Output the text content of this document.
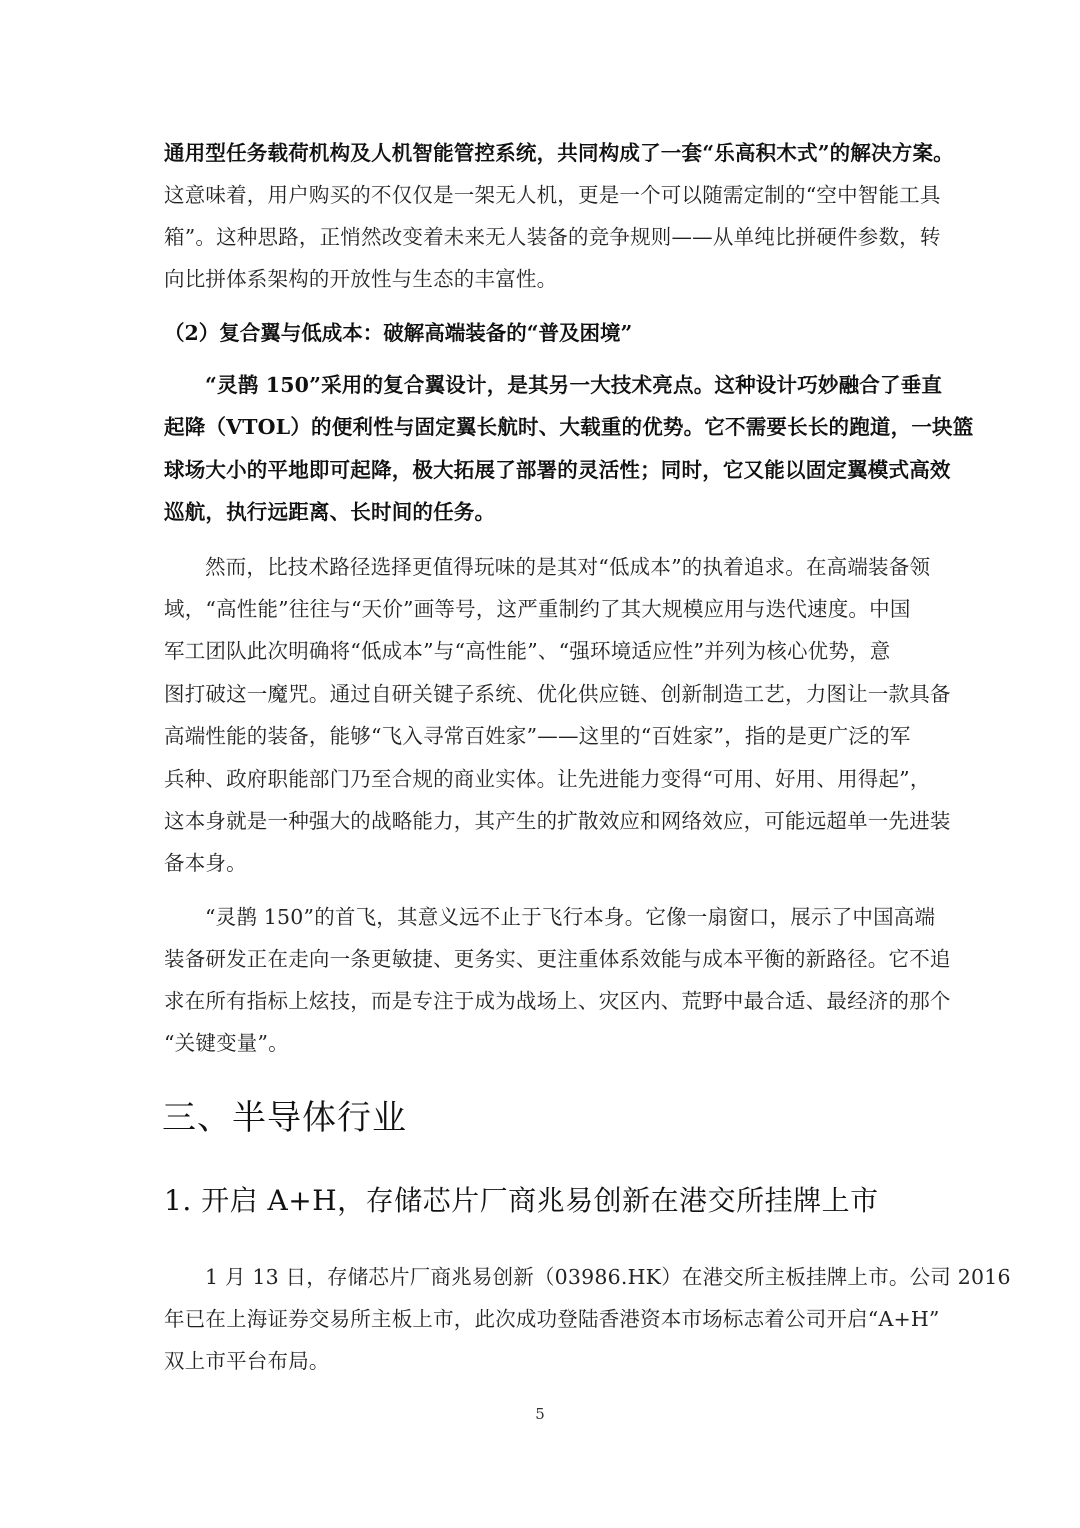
通用型任务载荷机构及人机智能管控系统，共同构成了一套“乐高积木式”的解决方案。
这意味着，用户购买的不仅仅是一架无人机，更是一个可以随需定制的“空中智能工具
箱”。这种思路，正悄然改变着未来无人装备的竞争规则——从单纯比拼硬件参数，转
向比拼体系架构的开放性与生态的丰富性。
（2）复合翼与低成本：破解高端装备的“普及困境”
“灵鹊 150”采用的复合翼设计，是其另一大技术亮点。这种设计巧妙融合了垂直
起降（VTOL）的便利性与固定翼长航时、大载重的优势。它不需要长长的跑道，一块篮
球场大小的平地即可起降，极大拓展了部署的灵活性；同时，它又能以固定翼模式高效
巡航，执行远距离、长时间的任务。
然而，比技术路径选择更值得玩味的是其对“低成本”的执着追求。在高端装备领
域，“高性能”往往与“天价”画等号，这严重制约了其大规模应用与迭代速度。中国
军工团队此次明确将“低成本”与“高性能”、“强环境适应性”并列为核心优势，意
图打破这一魔咒。通过自研关键子系统、优化供应链、创新制造工艺，力图让一款具备
高端性能的装备，能够“飞入寻常百姓家”——这里的“百姓家”，指的是更广泛的军
兵种、政府职能部门乃至合规的商业实体。让先进能力变得“可用、好用、用得起”，
这本身就是一种强大的战略能力，其产生的扩散效应和网络效应，可能远超单一先进装
备本身。
“灵鹊 150”的首飞，其意义远不止于飞行本身。它像一扇窗口，展示了中国高端
装备研发正在走向一条更敏捷、更务实、更注重体系效能与成本平衡的新路径。它不追
求在所有指标上炫技，而是专注于成为战场上、灾区内、荒野中最合适、最经济的那个
“关键变量”。
三、半导体行业
1. 开启 A+H，存储芯片厂商兆易创新在港交所挂牌上市
1 月 13 日，存储芯片厂商兆易创新（03986.HK）在港交所主板挂牌上市。公司 2016
年已在上海证券交易所主板上市，此次成功登陆香港资本市场标志着公司开启“A+H”
双上市平台布局。
5
